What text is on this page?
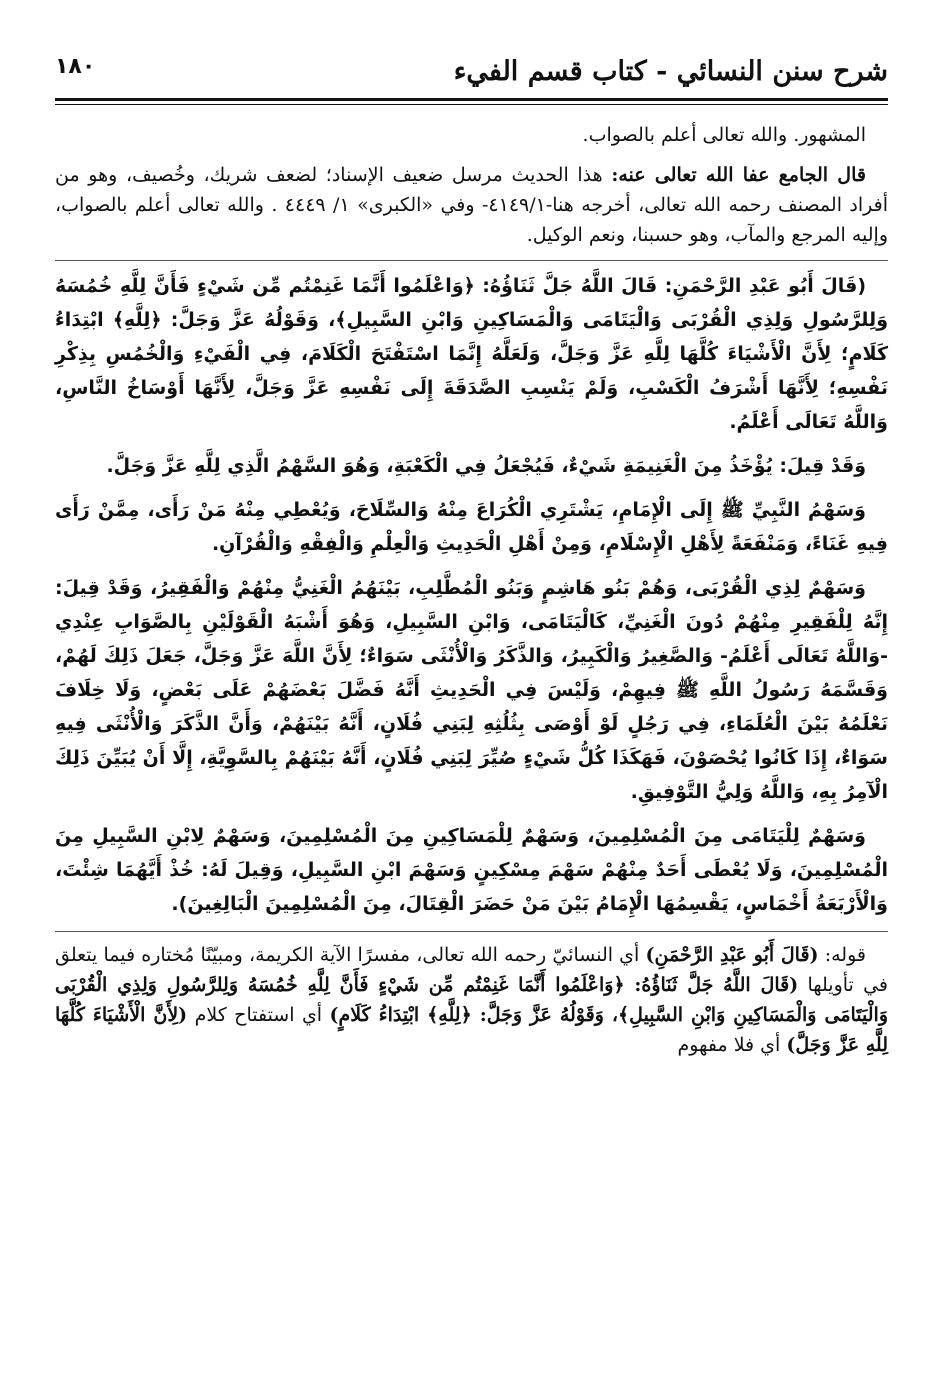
شرح سنن النسائي - كتاب قسم الفيء
١٨٠

المشهور. والله تعالى أعلم بالصواب.

قال الجامع عفا الله تعالى عنه: هذا الحديث مرسل ضعيف الإسناد؛ لضعف شريك، وخُصيف، وهو من أفراد المصنف رحمه الله تعالى، أخرجه هنا-٤١٤٩/١- وفي «الكبرى» ١/ ٤٤٤٩ . والله تعالى أعلم بالصواب، وإليه المرجع والمآب، وهو حسبنا، ونعم الوكيل.

(قَالَ أَبُو عَبْدِ الرَّحْمَنِ: قَالَ اللَّهُ جَلَّ ثَنَاؤُهُ: ﴿وَاعْلَمُوا أَنَّمَا غَنِمْتُم مِّن شَيْءٍ فَأَنَّ لِلَّهِ خُمُسَهُ وَلِلرَّسُولِ وَلِذِي الْقُرْبَى وَالْيَتَامَى وَالْمَسَاكِينِ وَابْنِ السَّبِيلِ﴾، وَقَوْلُهُ عَزَّ وَجَلَّ: ﴿لِلَّهِ﴾ ابْتِدَاءُ كَلَامٍ؛ لِأَنَّ الْأَشْيَاءَ كُلَّهَا لِلَّهِ عَزَّ وَجَلَّ، وَلَعَلَّهُ إِنَّمَا اسْتَفْتَحَ الْكَلَامَ، فِي الْفَيْءِ وَالْخُمُسِ بِذِكْرِ نَفْسِهِ؛ لِأَنَّهَا أَشْرَفُ الْكَسْبِ، وَلَمْ يَنْسِبِ الصَّدَقَةَ إِلَى نَفْسِهِ عَزَّ وَجَلَّ، لِأَنَّهَا أَوْسَاخُ النَّاسِ، وَاللَّهُ تَعَالَى أَعْلَمُ.

وَقَدْ قِيلَ: يُؤْخَذُ مِنَ الْغَنِيمَةِ شَيْءٌ، فَيُجْعَلُ فِي الْكَعْبَةِ، وَهُوَ السَّهْمُ الَّذِي لِلَّهِ عَزَّ وَجَلَّ.

وَسَهْمُ النَّبِيِّ ﷺ إِلَى الْإِمَامِ، يَشْتَرِي الْكُرَاعَ مِنْهُ وَالسِّلَاحَ، وَيُعْطِي مِنْهُ مَنْ رَأَى، مِمَّنْ رَأَى فِيهِ غَنَاءً، وَمَنْفَعَةً لِأَهْلِ الْإِسْلَامِ، وَمِنْ أَهْلِ الْحَدِيثِ وَالْعِلْمِ وَالْفِقْهِ وَالْقُرْآنِ.

وَسَهْمٌ لِذِي الْقُرْبَى، وَهُمْ بَنُو هَاشِمٍ وَبَنُو الْمُطَّلِبِ، بَيْنَهُمُ الْغَنِيُّ مِنْهُمْ وَالْفَقِيرُ، وَقَدْ قِيلَ: إِنَّهُ لِلْفَقِيرِ مِنْهُمْ دُونَ الْغَنِيِّ، كَالْيَتَامَى، وَابْنِ السَّبِيلِ، وَهُوَ أَشْبَهُ الْقَوْلَيْنِ بِالصَّوَابِ عِنْدِي -وَاللَّهُ تَعَالَى أَعْلَمُ- وَالصَّغِيرُ وَالْكَبِيرُ، وَالذَّكَرُ وَالْأُنْثَى سَوَاءٌ؛ لِأَنَّ اللَّهَ عَزَّ وَجَلَّ، جَعَلَ ذَلِكَ لَهُمْ، وَقَسَّمَهُ رَسُولُ اللَّهِ ﷺ فِيهِمْ، وَلَيْسَ فِي الْحَدِيثِ أَنَّهُ فَضَّلَ بَعْضَهُمْ عَلَى بَعْضٍ، وَلَا خِلَافَ نَعْلَمُهُ بَيْنَ الْعُلَمَاءِ، فِي رَجُلٍ لَوْ أَوْصَى بِثُلُثِهِ لِبَنِي فُلَانٍ، أَنَّهُ بَيْنَهُمْ، وَأَنَّ الذَّكَرَ وَالْأُنْثَى فِيهِ سَوَاءٌ، إِذَا كَانُوا يُحْصَوْنَ، فَهَكَذَا كُلُّ شَيْءٍ صُيِّرَ لِبَنِي فُلَانٍ، أَنَّهُ بَيْنَهُمْ بِالسَّوِيَّةِ، إِلَّا أَنْ يُبَيِّنَ ذَلِكَ الْآمِرُ بِهِ، وَاللَّهُ وَلِيُّ التَّوْفِيقِ.

وَسَهْمٌ لِلْيَتَامَى مِنَ الْمُسْلِمِينَ، وَسَهْمٌ لِلْمَسَاكِينِ مِنَ الْمُسْلِمِينَ، وَسَهْمٌ لِابْنِ السَّبِيلِ مِنَ الْمُسْلِمِينَ، وَلَا يُعْطَى أَحَدٌ مِنْهُمْ سَهْمَ مِسْكِينٍ وَسَهْمَ ابْنِ السَّبِيلِ، وَقِيلَ لَهُ: خُذْ أَيَّهُمَا شِئْتَ، وَالْأَرْبَعَةُ أَخْمَاسٍ، يَقْسِمُهَا الْإِمَامُ بَيْنَ مَنْ حَضَرَ الْقِتَالَ، مِنَ الْمُسْلِمِينَ الْبَالِغِينَ).

قوله: (قَالَ أَبُو عَبْدِ الرَّحْمَنِ) أي النسائيّ رحمه الله تعالى، مفسرًا الآية الكريمة، ومبيّنًا مُختاره فيما يتعلق في تأويلها (قَالَ اللَّهُ جَلَّ ثَنَاؤُهُ: ﴿وَاعْلَمُوا أَنَّمَا غَنِمْتُم مِّن شَيْءٍ فَأَنَّ لِلَّهِ خُمُسَهُ وَلِلرَّسُولِ وَلِذِي الْقُرْبَى وَالْيَتَامَى وَالْمَسَاكِينِ وَابْنِ السَّبِيلِ﴾، وَقَوْلُهُ عَزَّ وَجَلَّ: ﴿لِلَّهِ﴾ ابْتِدَاءُ كَلَامٍ) أي استفتاح كلام (لِأَنَّ الْأَشْيَاءَ كُلَّهَا لِلَّهِ عَزَّ وَجَلَّ) أي فلا مفهوم
